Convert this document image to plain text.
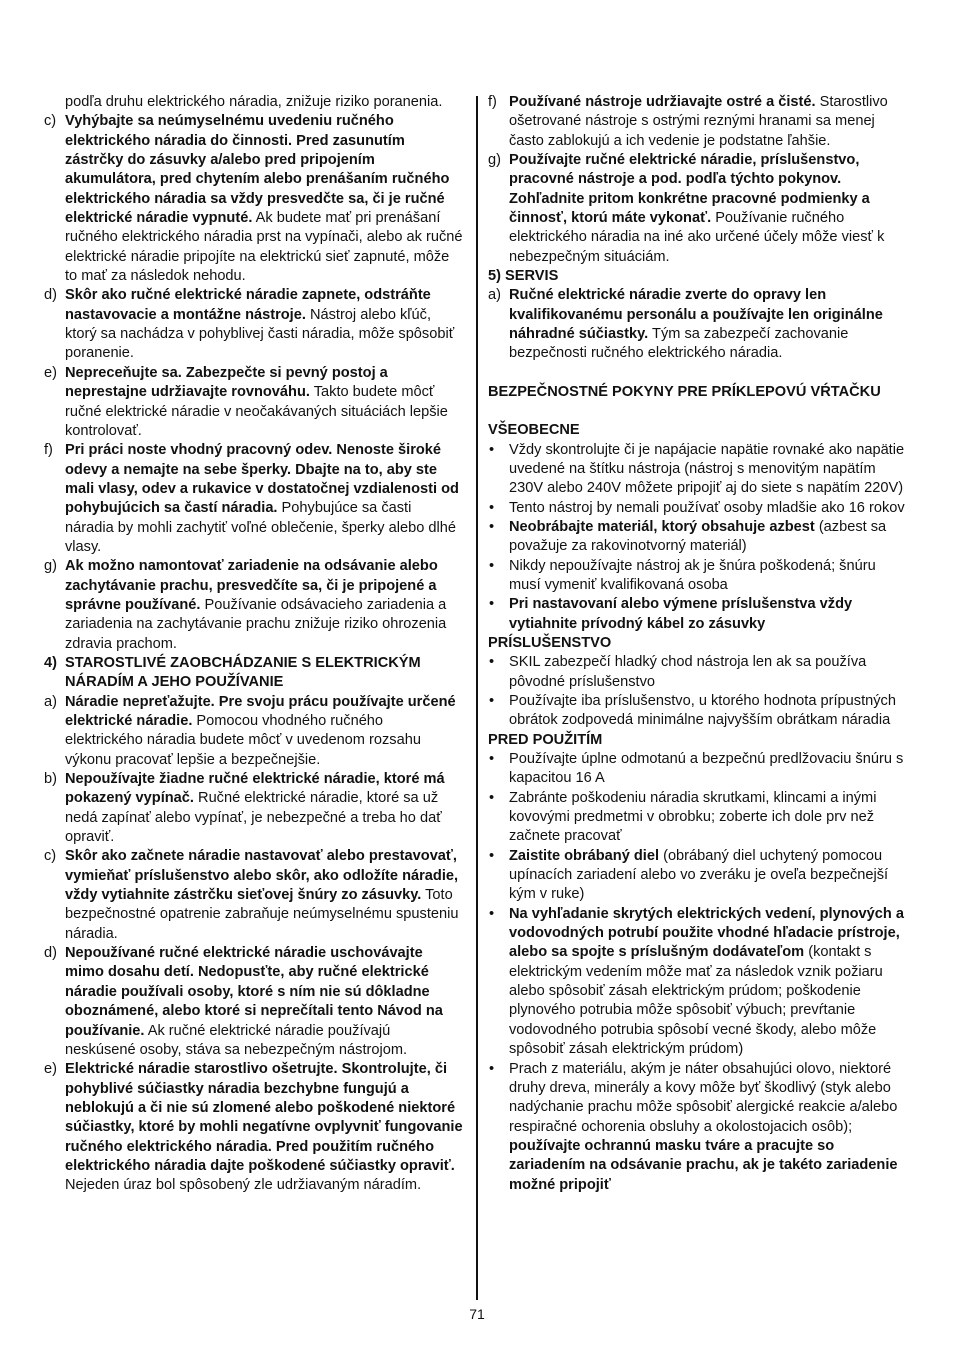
podľa druhu elektrického náradia, znižuje riziko poranenia.
c) Vyhýbajte sa neúmyselnému uvedeniu ručného elektrického náradia do činnosti. Pred zasunutím zástrčky do zásuvky a/alebo pred pripojením akumulátora, pred chytením alebo prenášaním ručného elektrického náradia sa vždy presvedčte sa, či je ručné elektrické náradie vypnuté. Ak budete mať pri prenášaní ručného elektrického náradia prst na vypínači, alebo ak ručné elektrické náradie pripojíte na elektrickú sieť zapnuté, môže to mať za následok nehodu.
d) Skôr ako ručné elektrické náradie zapnete, odstráňte nastavovacie a montážne nástroje. Nástroj alebo kľúč, ktorý sa nachádza v pohyblivej časti náradia, môže spôsobiť poranenie.
e) Nepreceňujte sa. Zabezpečte si pevný postoj a neprestajne udržiavajte rovnováhu. Takto budete môcť ručné elektrické náradie v neočakávaných situáciách lepšie kontrolovať.
f) Pri práci noste vhodný pracovný odev. Nenoste široké odevy a nemajte na sebe šperky. Dbajte na to, aby ste mali vlasy, odev a rukavice v dostatočnej vzdialenosti od pohybujúcich sa častí náradia. Pohybujúce sa časti náradia by mohli zachytiť voľné oblečenie, šperky alebo dlhé vlasy.
g) Ak možno namontovať zariadenie na odsávanie alebo zachytávanie prachu, presvedčíte sa, či je pripojené a správne používané. Používanie odsávacieho zariadenia a zariadenia na zachytávanie prachu znižuje riziko ohrozenia zdravia prachom.
4) STAROSTLIVÉ ZAOBCHÁDZANIE S ELEKTRICKÝM NÁRADÍM A JEHO POUŽÍVANIE
a) Náradie nepreťažujte. Pre svoju prácu používajte určené elektrické náradie. Pomocou vhodného ručného elektrického náradia budete môcť v uvedenom rozsahu výkonu pracovať lepšie a bezpečnejšie.
b) Nepoužívajte žiadne ručné elektrické náradie, ktoré má pokazený vypínač. Ručné elektrické náradie, ktoré sa už nedá zapínať alebo vypínať, je nebezpečné a treba ho dať opraviť.
c) Skôr ako začnete náradie nastavovať alebo prestavovať, vymieňať príslušenstvo alebo skôr, ako odložíte náradie, vždy vytiahnite zástrčku sieťovej šnúry zo zásuvky. Toto bezpečnostné opatrenie zabraňuje neúmyselnému spusteniu náradia.
d) Nepoužívané ručné elektrické náradie uschovávajte mimo dosahu detí. Nedopusťte, aby ručné elektrické náradie používali osoby, ktoré s ním nie sú dôkladne oboznámené, alebo ktoré si neprečítali tento Návod na používanie. Ak ručné elektrické náradie používajú neskúsené osoby, stáva sa nebezpečným nástrojom.
e) Elektrické náradie starostlivo ošetrujte. Skontrolujte, či pohyblivé súčiastky náradia bezchybne fungujú a neblokujú a či nie sú zlomené alebo poškodené niektoré súčiastky, ktoré by mohli negatívne ovplyvniť fungovanie ručného elektrického náradia. Pred použitím ručného elektrického náradia dajte poškodené súčiastky opraviť. Nejeden úraz bol spôsobený zle udržiavaným náradím.
f) Používané nástroje udržiavajte ostré a čisté. Starostlivo ošetrované nástroje s ostrými reznými hranami sa menej často zablokujú a ich vedenie je podstatne ľahšie.
g) Používajte ručné elektrické náradie, príslušenstvo, pracovné nástroje a pod. podľa týchto pokynov. Zohľadnite pritom konkrétne pracovné podmienky a činnosť, ktorú máte vykonať. Používanie ručného elektrického náradia na iné ako určené účely môže viesť k nebezpečným situáciám.
5) SERVIS
a) Ručné elektrické náradie zverte do opravy len kvalifikovanému personálu a používajte len originálne náhradné súčiastky. Tým sa zabezpečí zachovanie bezpečnosti ručného elektrického náradia.
BEZPEČNOSTNÉ POKYNY PRE PRÍKLEPOVÚ VŔTAČKU
VŠEOBECNE
• Vždy skontrolujte či je napájacie napätie rovnaké ako napätie uvedené na štítku nástroja (nástroj s menovitým napätím 230V alebo 240V môžete pripojiť aj do siete s napätím 220V)
• Tento nástroj by nemali používať osoby mladšie ako 16 rokov
• Neobrábajte materiál, ktorý obsahuje azbest (azbest sa považuje za rakovinotvorný materiál)
• Nikdy nepoužívajte nástroj ak je šnúra poškodená; šnúru musí vymeniť kvalifikovaná osoba
• Pri nastavovaní alebo výmene príslušenstva vždy vytiahnite prívodný kábel zo zásuvky
PRÍSLUŠENSTVO
• SKIL zabezpečí hladký chod nástroja len ak sa používa pôvodné príslušenstvo
• Používajte iba príslušenstvo, u ktorého hodnota prípustných obrátok zodpovedá minimálne najvyšším obrátkam náradia
PRED POUŽITÍM
• Používajte úplne odmotanú a bezpečnú predlžovaciu šnúru s kapacitou 16 A
• Zabránte poškodeniu náradia skrutkami, klincami a inými kovovými predmetmi v obrobku; zoberte ich dole prv než začnete pracovať
• Zaistite obrábaný diel (obrábaný diel uchytený pomocou upínacích zariadení alebo vo zveráku je oveľa bezpečnejší kým v ruke)
• Na vyhľadanie skrytých elektrických vedení, plynových a vodovodných potrubí použite vhodné hľadacie prístroje, alebo sa spojte s príslušným dodávateľom (kontakt s elektrickým vedením môže mať za následok vznik požiaru alebo spôsobiť zásah elektrickým prúdom; poškodenie plynového potrubia môže spôsobiť výbuch; prevŕtanie vodovodného potrubia spôsobí vecné škody, alebo môže spôsobiť zásah elektrickým prúdom)
• Prach z materiálu, akým je náter obsahujúci olovo, niektoré druhy dreva, minerály a kovy môže byť škodlivý (styk alebo nadýchanie prachu môže spôsobiť alergické reakcie a/alebo respiračné ochorenia obsluhy a okolostojacich osôb); používajte ochrannú masku tváre a pracujte so zariadením na odsávanie prachu, ak je takéto zariadenie možné pripojiť
71
